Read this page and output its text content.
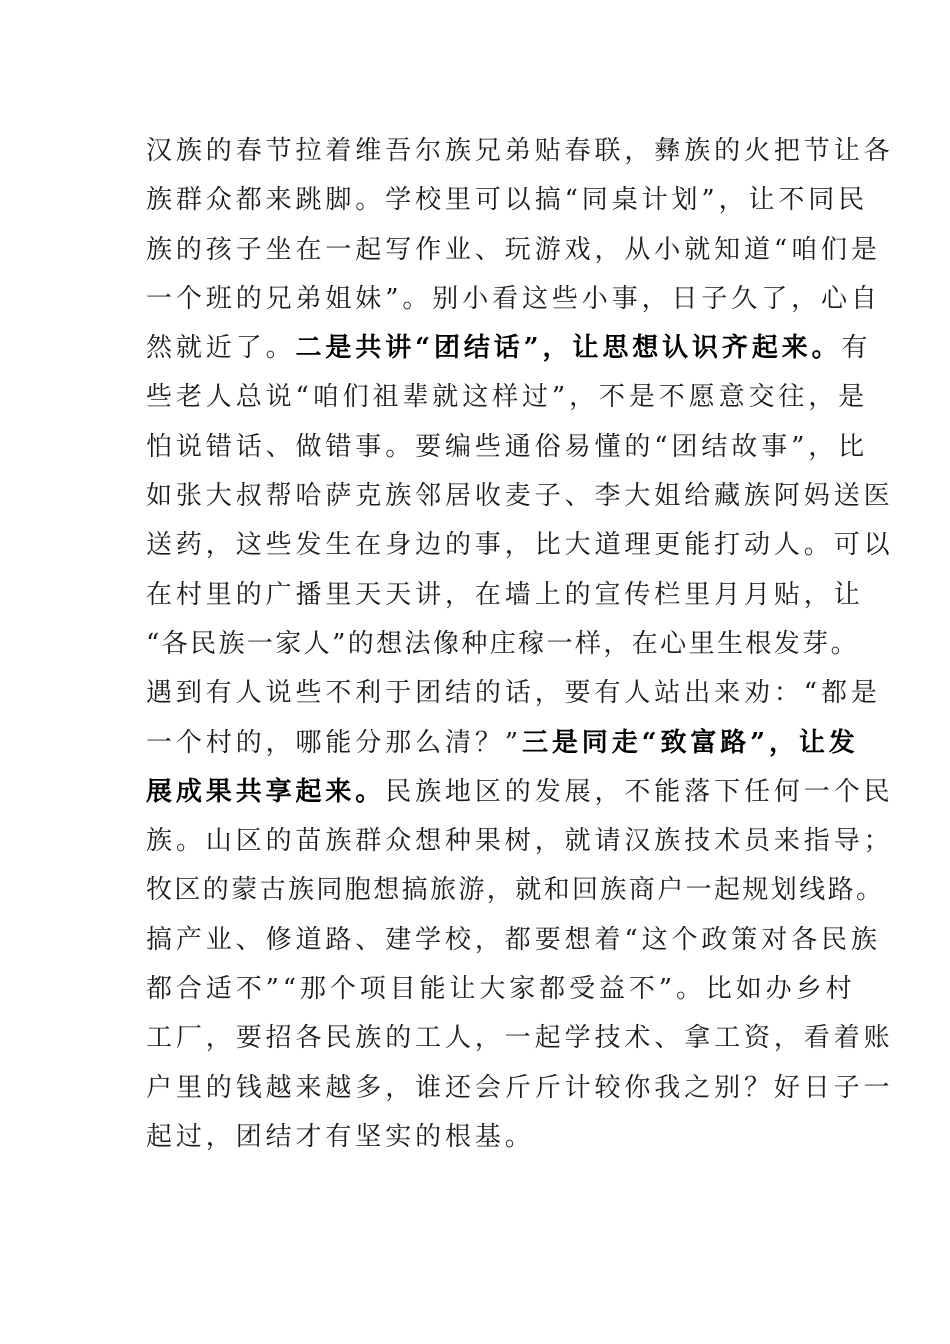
汉族的春节拉着维吾尔族兄弟贴春联，彝族的火把节让各
族群众都来跳脚。学校里可以搞“同桌计划”，让不同民
族的孩子坐在一起写作业、玩游戏，从小就知道“咱们是
一个班的兄弟姐妹”。别小看这些小事，日子久了，心自
然就近了。二是共讲“团结话”，让思想认识齐起来。有
些老人总说“咱们祖辈就这样过”，不是不愿意交往，是
怕说错话、做错事。要编些通俗易懂的“团结故事”，比
如张大叔帮哈萨克族邻居收麦子、李大姐给藏族阿妈送医
送药，这些发生在身边的事，比大道理更能打动人。可以
在村里的广播里天天讲，在墙上的宣传栏里月月贴，让
“各民族一家人”的想法像种庄稼一样，在心里生根发芽。
遇到有人说些不利于团结的话，要有人站出来劝：“都是
一个村的，哪能分那么清？”三是同走“致富路”，让发
展成果共享起来。民族地区的发展，不能落下任何一个民
族。山区的苗族群众想种果树，就请汉族技术员来指导；
牧区的蒙古族同胞想搞旅游，就和回族商户一起规划线路。
搞产业、修道路、建学校，都要想着“这个政策对各民族
都合适不”“那个项目能让大家都受益不”。比如办乡村
工厂，要招各民族的工人，一起学技术、拿工资，看着账
户里的钱越来越多，谁还会斤斤计较你我之别？好日子一
起过，团结才有坚实的根基。
